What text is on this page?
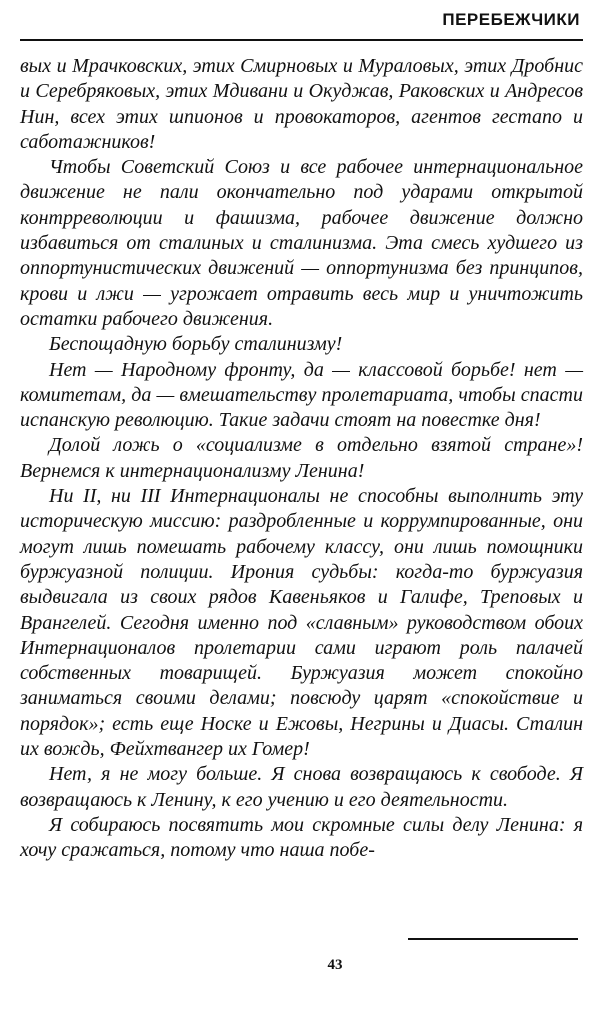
ПЕРЕБЕЖЧИКИ

вых и Мрачковских, этих Смирновых и Мураловых, этих Дробнис и Серебряковых, этих Мдивани и Окуджав, Раковских и Андресов Нин, всех этих шпионов и провокаторов, агентов гестапо и саботажников!

Чтобы Советский Союз и все рабочее интернациональное движение не пали окончательно под ударами открытой контрреволюции и фашизма, рабочее движение должно избавиться от сталиных и сталинизма. Эта смесь худшего из оппортунистических движений — оппортунизма без принципов, крови и лжи — угрожает отравить весь мир и уничтожить остатки рабочего движения.

Беспощадную борьбу сталинизму!

Нет — Народному фронту, да — классовой борьбе! нет — комитетам, да — вмешательству пролетариата, чтобы спасти испанскую революцию. Такие задачи стоят на повестке дня!

Долой ложь о «социализме в отдельно взятой стране»! Вернемся к интернационализму Ленина!

Ни II, ни III Интернационалы не способны выполнить эту историческую миссию: раздробленные и коррумпированные, они могут лишь помешать рабочему классу, они лишь помощники буржуазной полиции. Ирония судьбы: когда-то буржуазия выдвигала из своих рядов Кавеньяков и Галифе, Треповых и Врангелей. Сегодня именно под «славным» руководством обоих Интернационалов пролетарии сами играют роль палачей собственных товарищей. Буржуазия может спокойно заниматься своими делами; повсюду царят «спокойствие и порядок»; есть еще Носке и Ежовы, Негрины и Диасы. Сталин их вождь, Фейхтвангер их Гомер!

Нет, я не могу больше. Я снова возвращаюсь к свободе. Я возвращаюсь к Ленину, к его учению и его деятельности.

Я собираюсь посвятить мои скромные силы делу Ленина: я хочу сражаться, потому что наша побе-

43
